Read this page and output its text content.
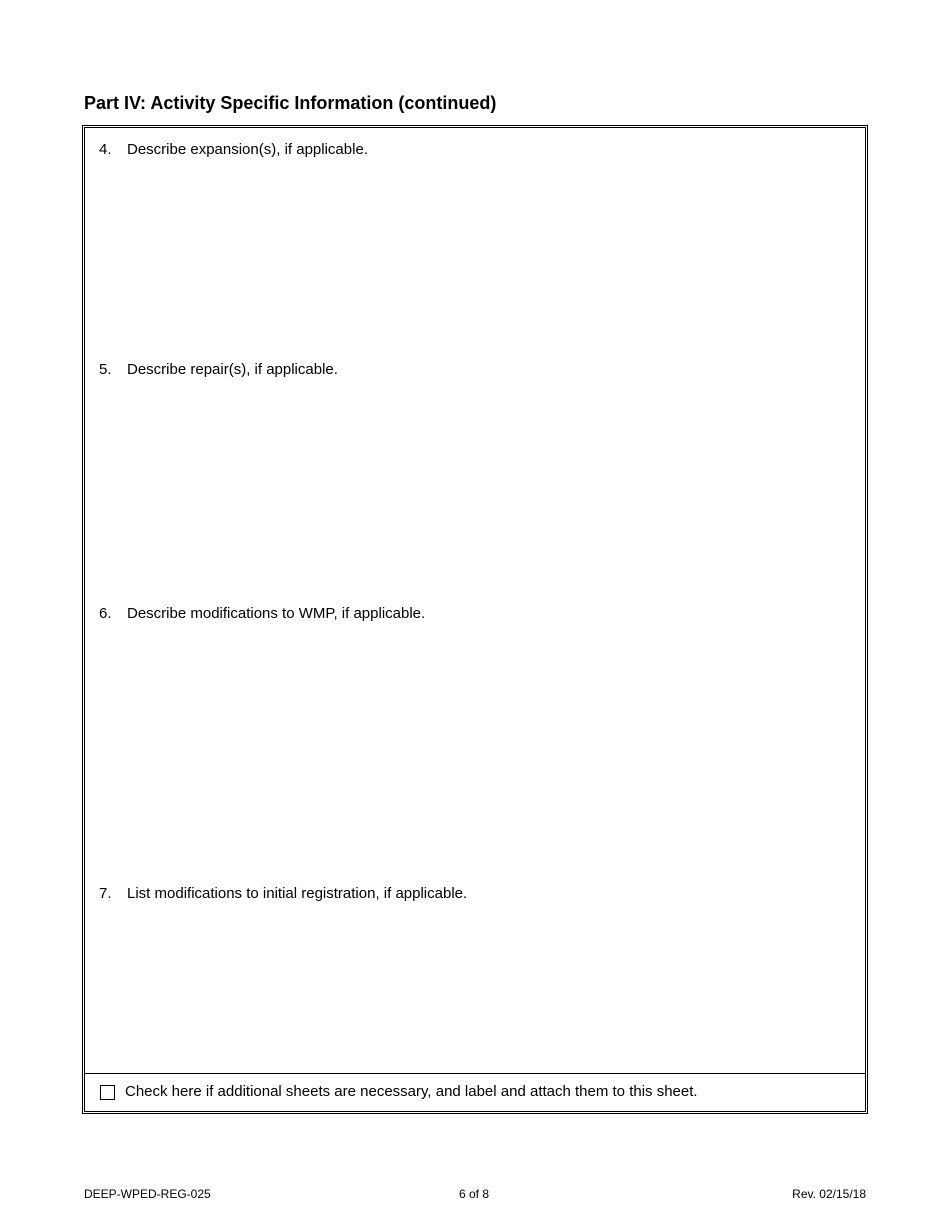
Part IV: Activity Specific Information (continued)
4. Describe expansion(s), if applicable.
5. Describe repair(s), if applicable.
6. Describe modifications to WMP, if applicable.
7. List modifications to initial registration, if applicable.
Check here if additional sheets are necessary, and label and attach them to this sheet.
DEEP-WPED-REG-025	6 of 8	Rev. 02/15/18
